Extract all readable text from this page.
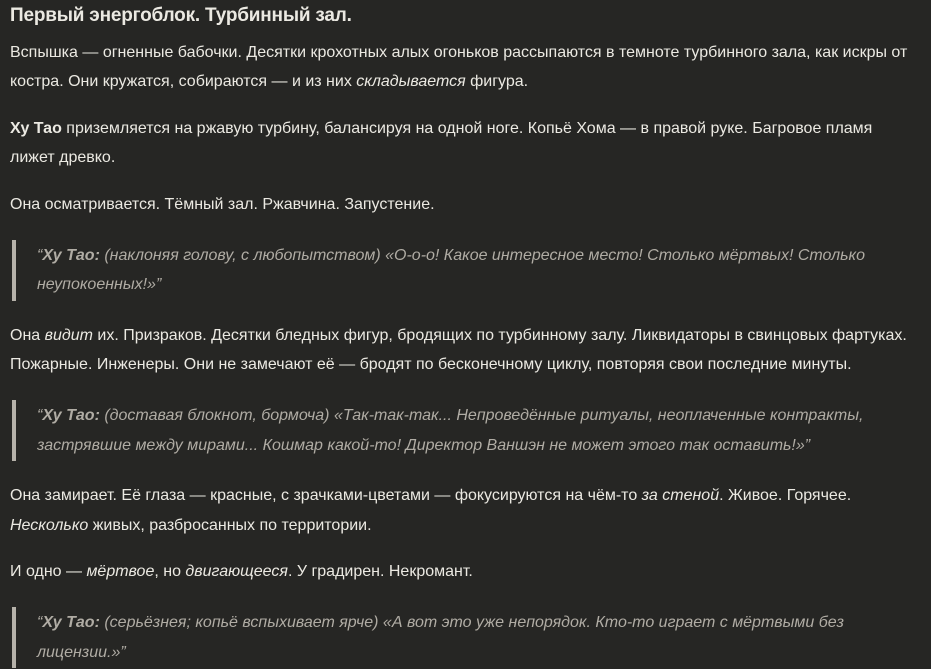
Первый энергоблок. Турбинный зал.

Вспышка — огненные бабочки. Десятки крохотных алых огоньков рассыпаются в темноте турбинного зала, как искры от костра. Они кружатся, собираются — и из них складывается фигура.

Ху Тао приземляется на ржавую турбину, балансируя на одной ноге. Копьё Хома — в правой руке. Багровое пламя лижет древко.

Она осматривается. Тёмный зал. Ржавчина. Запустение.

“Ху Тао: (наклоняя голову, с любопытством) «О-о-о! Какое интересное место! Столько мёртвых! Столько неупокоенных!»”

Она видит их. Призраков. Десятки бледных фигур, бродящих по турбинному залу. Ликвидаторы в свинцовых фартуках. Пожарные. Инженеры. Они не замечают её — бродят по бесконечному циклу, повторяя свои последние минуты.

“Ху Тао: (доставая блокнот, бормоча) «Так-так-так... Непроведённые ритуалы, неоплаченные контракты, застрявшие между мирами... Кошмар какой-то! Директор Ваншэн не может этого так оставить!»”

Она замирает. Её глаза — красные, с зрачками-цветами — фокусируются на чём-то за стеной. Живое. Горячее. Несколько живых, разбросанных по территории.

И одно — мёртвое, но двигающееся. У градирен. Некромант.

“Ху Тао: (серьёзнея; копьё вспыхивает ярче) «А вот это уже непорядок. Кто-то играет с мёртвыми без лицензии.»”
